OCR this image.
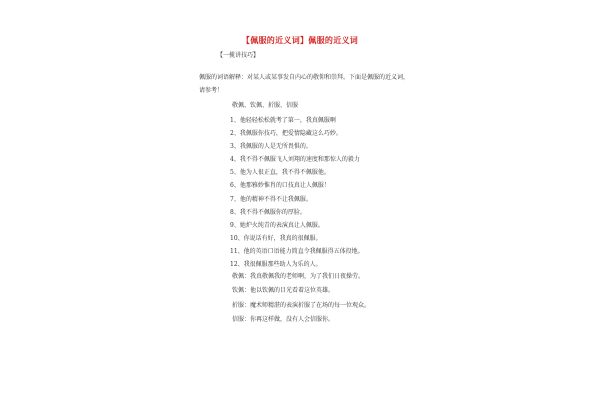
【佩服的近义词】佩服的近义词
【一揽讲技巧】
佩服的词语解释：对某人或某事发自内心的敬仰和崇拜。下面是佩服的近义词，请参考！
敬佩、钦佩、折服、信服
1、他轻轻松松就考了第一，我真佩服啊
2、我佩服你技巧，把爱情隐藏这么巧妙。
3、我佩服的人是无所畏惧的。
4、我不得不佩服飞人刘翔的速度和那惊人的毅力
5、他为人很正直，我不得不佩服他。
6、他那雅妙惟肖的口技真让人佩服！
7、他的精神不得不让我佩服。
8、我不得不佩服你的厚脸。
9、她炉火纯青的表演真让人佩服。
10、你说话有好，我真的很佩服。
11、他的英语口语能力简直令我佩服得五体投地。
12、我很佩服那些助人为乐的人。
敬佩：我真敬佩我的老师啊，为了我们日夜操劳。
钦佩：他以钦佩的目光看着这位英雄。
折服：魔术师精湛的表演折服了在场的每一位观众。
信服：你再这样做，没有人会信服你。
